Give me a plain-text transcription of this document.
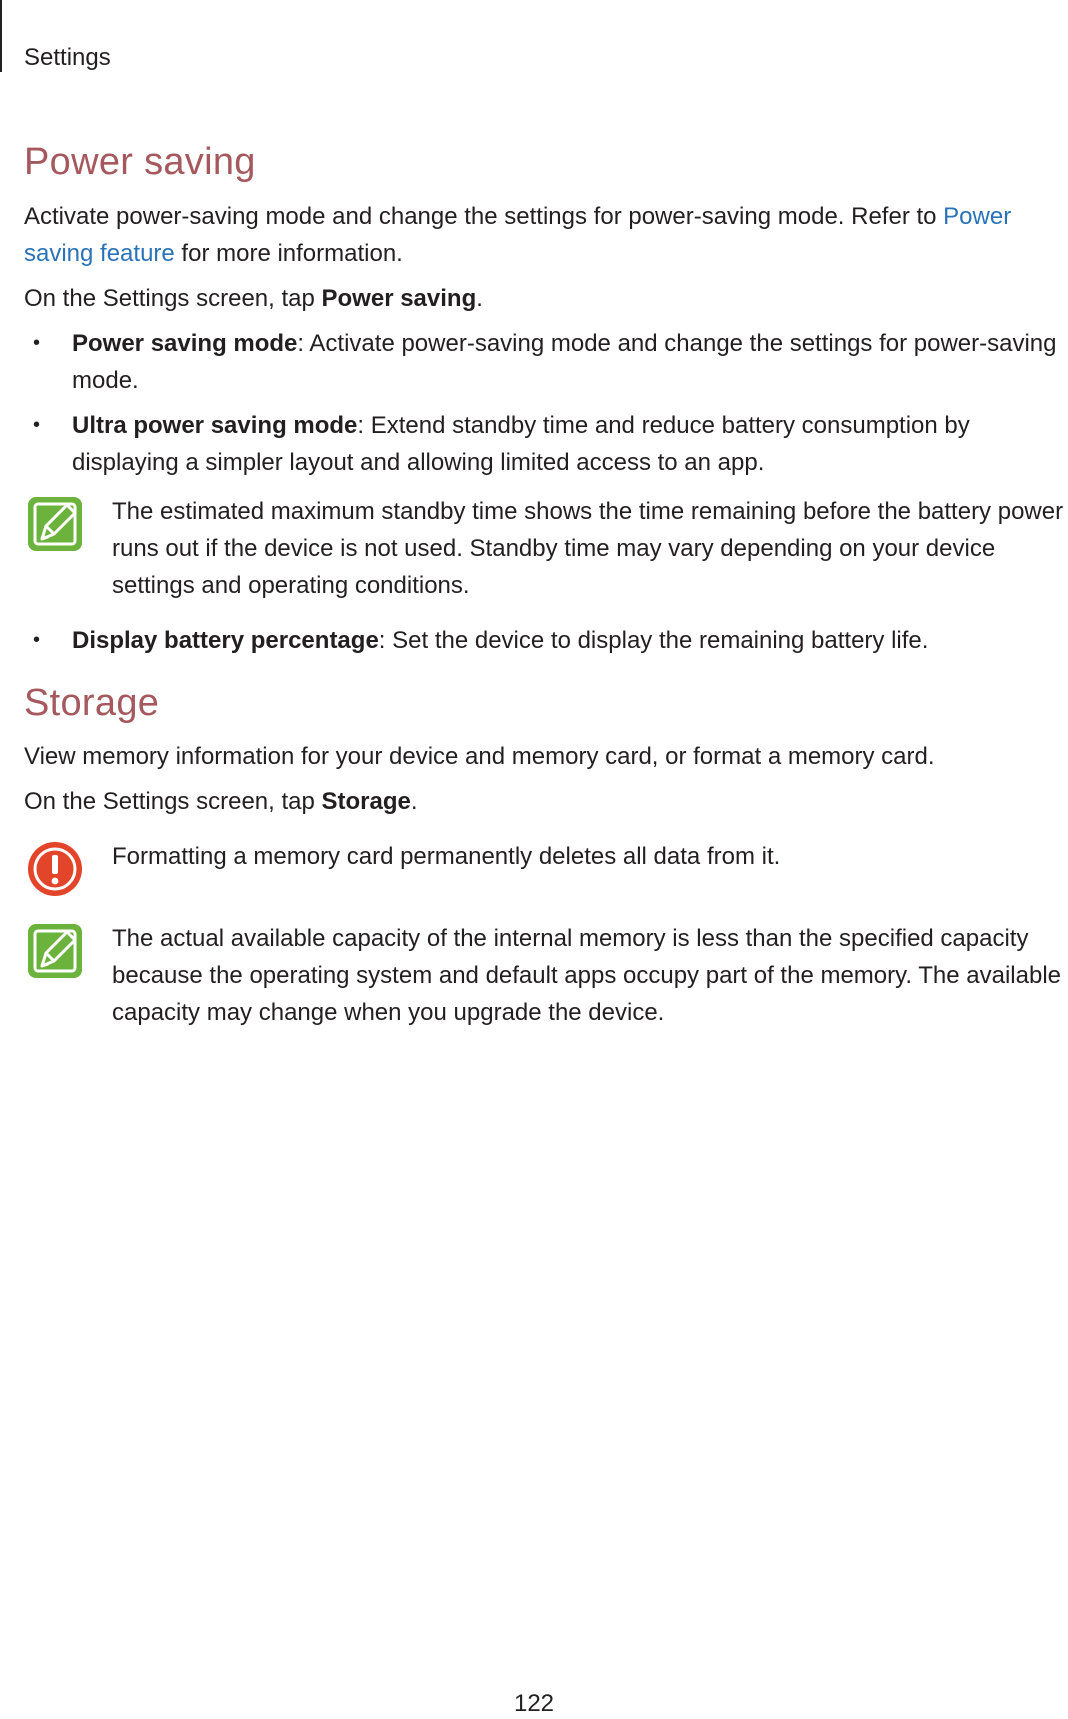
Settings
Power saving

Activate power-saving mode and change the settings for power-saving mode. Refer to Power saving feature for more information.

On the Settings screen, tap Power saving.

• Power saving mode: Activate power-saving mode and change the settings for power-saving mode.
• Ultra power saving mode: Extend standby time and reduce battery consumption by displaying a simpler layout and allowing limited access to an app.
The estimated maximum standby time shows the time remaining before the battery power runs out if the device is not used. Standby time may vary depending on your device settings and operating conditions.
• Display battery percentage: Set the device to display the remaining battery life.
Storage

View memory information for your device and memory card, or format a memory card.

On the Settings screen, tap Storage.

Formatting a memory card permanently deletes all data from it.
The actual available capacity of the internal memory is less than the specified capacity because the operating system and default apps occupy part of the memory. The available capacity may change when you upgrade the device.
122
